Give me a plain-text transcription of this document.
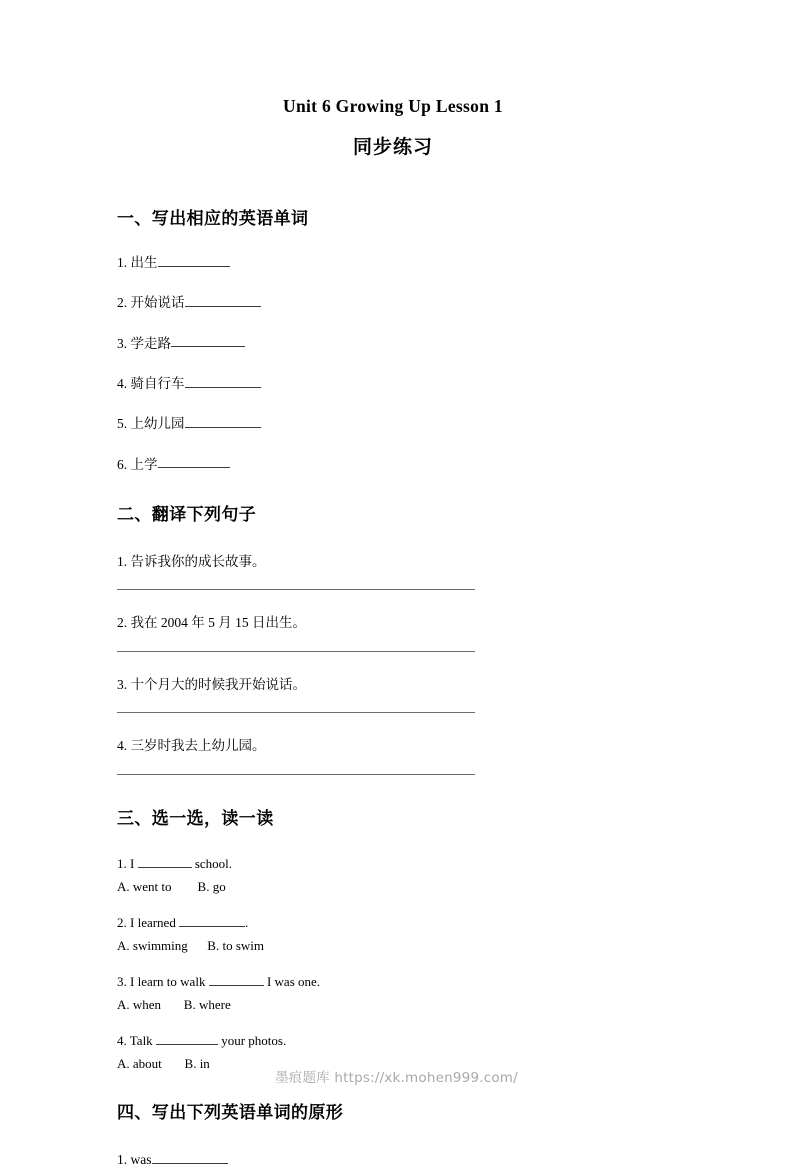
Unit 6 Growing Up Lesson 1
同步练习
一、写出相应的英语单词
1. 出生
2. 开始说话
3. 学走路
4. 骑自行车
5. 上幼儿园
6. 上学
二、翻译下列句子
1. 告诉我你的成长故事。
2. 我在 2004 年 5 月 15 日出生。
3. 十个月大的时候我开始说话。
4. 三岁时我去上幼儿园。
三、选一选，读一读
1. I	school.
A. went to        B. go
2. I learned	.
A. swimming      B. to swim
3. I learn to walk	I was one.
A. when       B. where
4. Talk	your photos.
A. about       B. in
四、写出下列英语单词的原形
1. was
墨痕题库 https://xk.mohen999.com/
